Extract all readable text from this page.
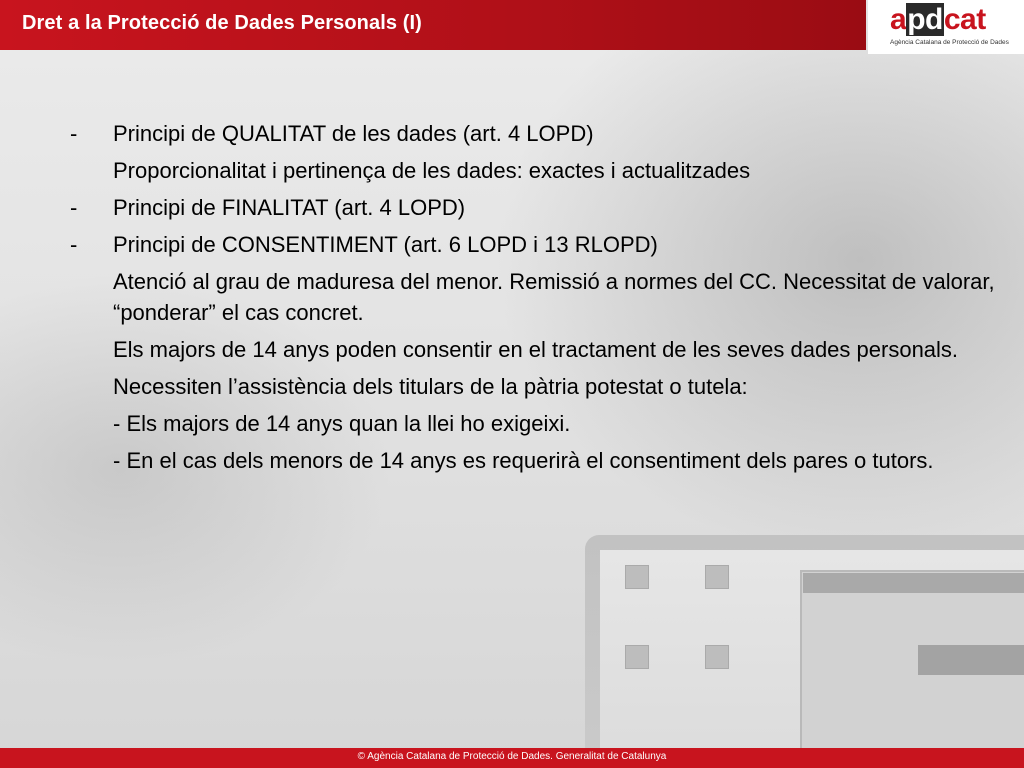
Dret a la Protecció de Dades Personals (I)	apdcat
Agència Catalana de Protecció de Dades

-	Principi de QUALITAT de les dades (art. 4 LOPD)

Proporcionalitat i pertinença de les dades: exactes i actualitzades

-	Principi de FINALITAT (art. 4 LOPD)

-	Principi de CONSENTIMENT (art. 6 LOPD i 13 RLOPD)

Atenció al grau de maduresa del menor. Remissió a normes del CC. Necessitat de valorar, “ponderar” el cas concret.

Els majors de 14 anys poden consentir en el tractament de les seves dades personals.

Necessiten l’assistència dels titulars de la pàtria potestat o tutela:

- Els majors de 14 anys quan la llei ho exigeixi.

- En el cas dels menors de 14 anys es requerirà el consentiment dels pares o tutors.

© Agència Catalana de Protecció de Dades. Generalitat de Catalunya
